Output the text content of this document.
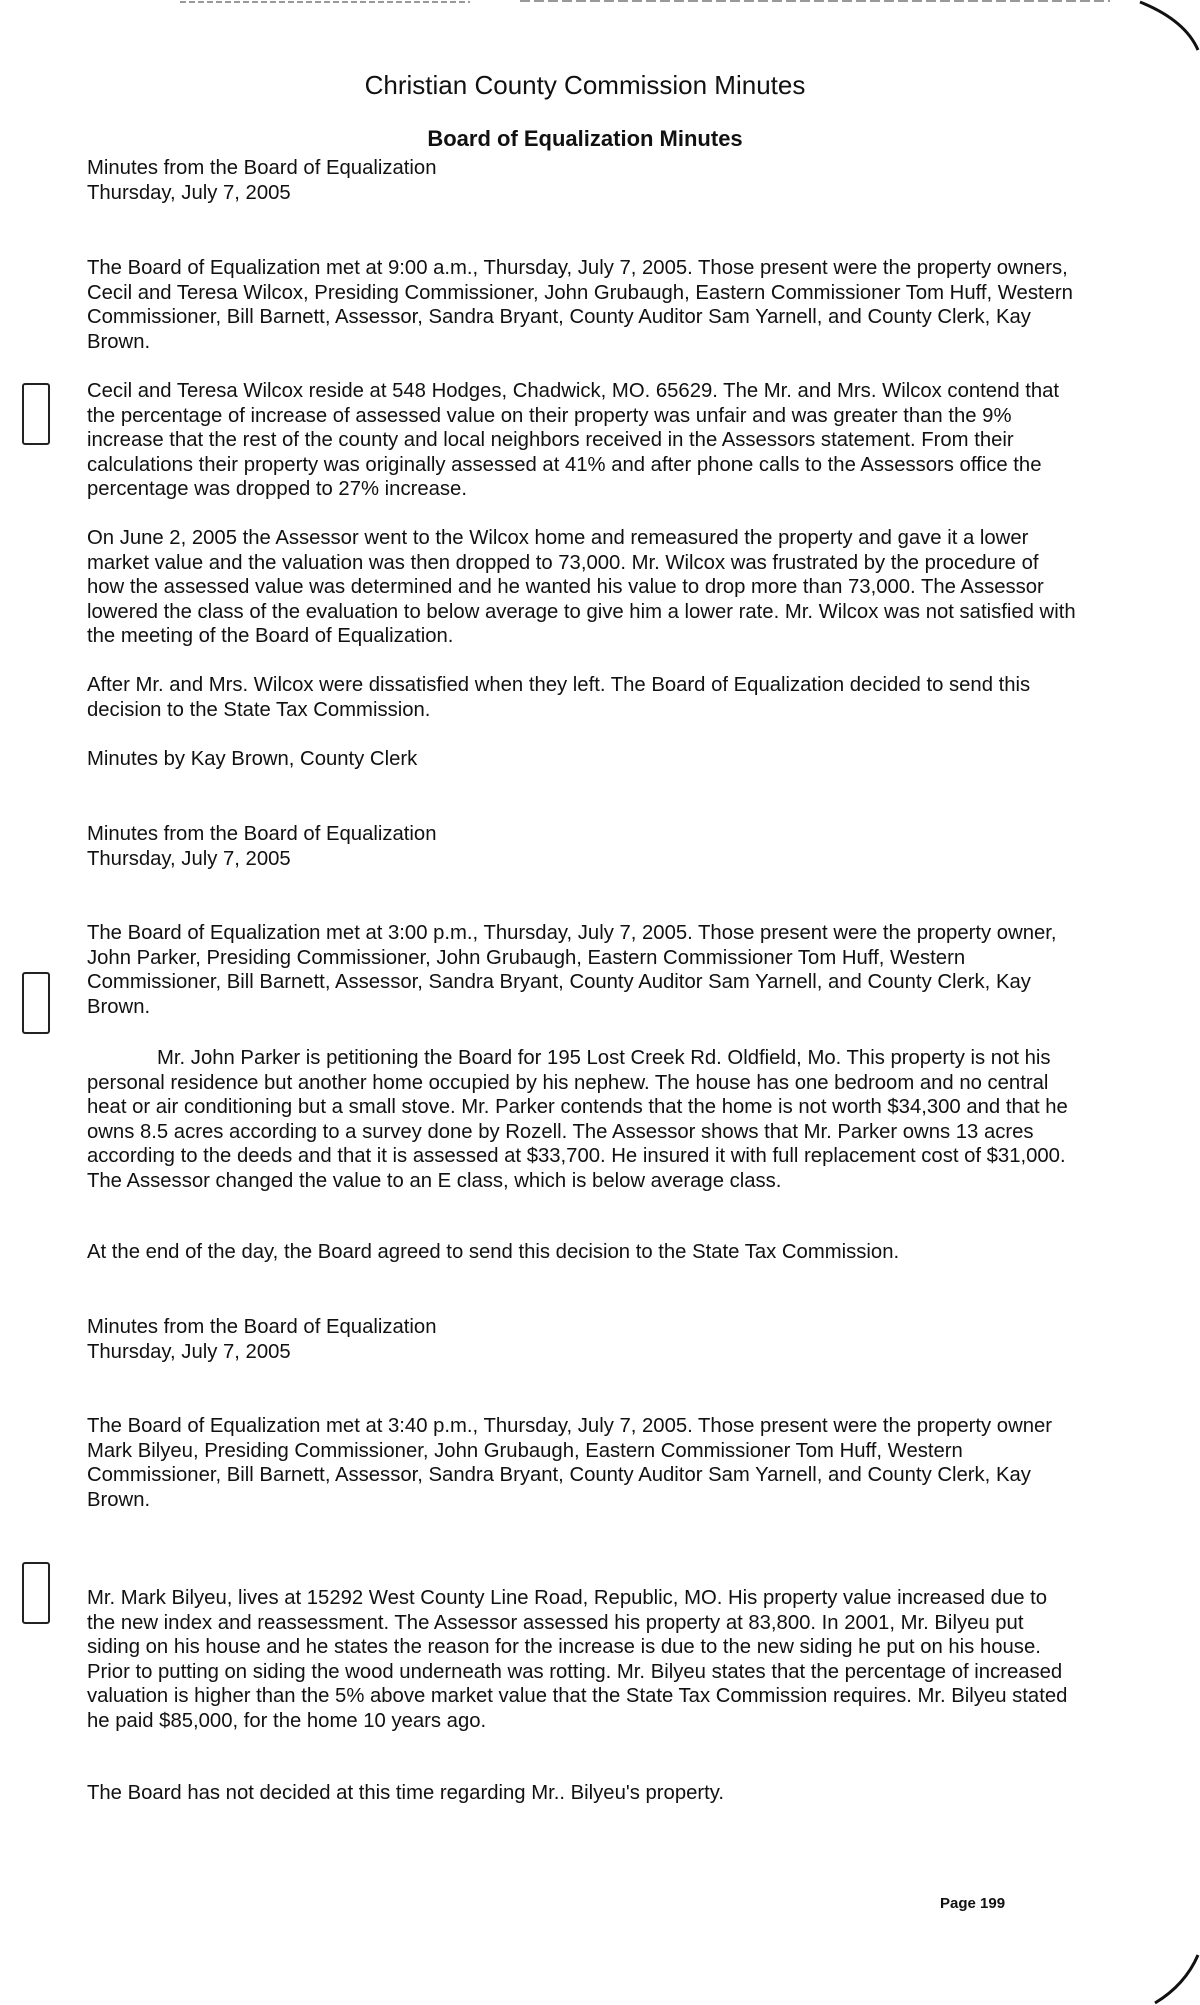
Christian County Commission Minutes
Board of Equalization Minutes

Minutes from the Board of Equalization
Thursday, July 7, 2005

The Board of Equalization met at 9:00 a.m., Thursday, July 7, 2005. Those present were the property owners, Cecil and Teresa Wilcox, Presiding Commissioner, John Grubaugh, Eastern Commissioner Tom Huff, Western Commissioner, Bill Barnett, Assessor, Sandra Bryant, County Auditor Sam Yarnell, and County Clerk, Kay Brown.

Cecil and Teresa Wilcox reside at 548 Hodges, Chadwick, MO. 65629. The Mr. and Mrs. Wilcox contend that the percentage of increase of assessed value on their property was unfair and was greater than the 9% increase that the rest of the county and local neighbors received in the Assessors statement. From their calculations their property was originally assessed at 41% and after phone calls to the Assessors office the percentage was dropped to 27% increase.

On June 2, 2005 the Assessor went to the Wilcox home and remeasured the property and gave it a lower market value and the valuation was then dropped to 73,000. Mr. Wilcox was frustrated by the procedure of how the assessed value was determined and he wanted his value to drop more than 73,000. The Assessor lowered the class of the evaluation to below average to give him a lower rate. Mr. Wilcox was not satisfied with the meeting of the Board of Equalization.

After Mr. and Mrs. Wilcox were dissatisfied when they left. The Board of Equalization decided to send this decision to the State Tax Commission.

Minutes by Kay Brown, County Clerk

Minutes from the Board of Equalization
Thursday, July 7, 2005

The Board of Equalization met at 3:00 p.m., Thursday, July 7, 2005. Those present were the property owner, John Parker, Presiding Commissioner, John Grubaugh, Eastern Commissioner Tom Huff, Western Commissioner, Bill Barnett, Assessor, Sandra Bryant, County Auditor Sam Yarnell, and County Clerk, Kay Brown.

Mr. John Parker is petitioning the Board for 195 Lost Creek Rd. Oldfield, Mo. This property is not his personal residence but another home occupied by his nephew. The house has one bedroom and no central heat or air conditioning but a small stove. Mr. Parker contends that the home is not worth $34,300 and that he owns 8.5 acres according to a survey done by Rozell. The Assessor shows that Mr. Parker owns 13 acres according to the deeds and that it is assessed at $33,700. He insured it with full replacement cost of $31,000. The Assessor changed the value to an E class, which is below average class.

At the end of the day, the Board agreed to send this decision to the State Tax Commission.

Minutes from the Board of Equalization
Thursday, July 7, 2005

The Board of Equalization met at 3:40 p.m., Thursday, July 7, 2005. Those present were the property owner Mark Bilyeu, Presiding Commissioner, John Grubaugh, Eastern Commissioner Tom Huff, Western Commissioner, Bill Barnett, Assessor, Sandra Bryant, County Auditor Sam Yarnell, and County Clerk, Kay Brown.

Mr. Mark Bilyeu, lives at 15292 West County Line Road, Republic, MO. His property value increased due to the new index and reassessment. The Assessor assessed his property at 83,800. In 2001, Mr. Bilyeu put siding on his house and he states the reason for the increase is due to the new siding he put on his house. Prior to putting on siding the wood underneath was rotting. Mr. Bilyeu states that the percentage of increased valuation is higher than the 5% above market value that the State Tax Commission requires. Mr. Bilyeu stated he paid $85,000, for the home 10 years ago.

The Board has not decided at this time regarding Mr.. Bilyeu's property.

Page 199
